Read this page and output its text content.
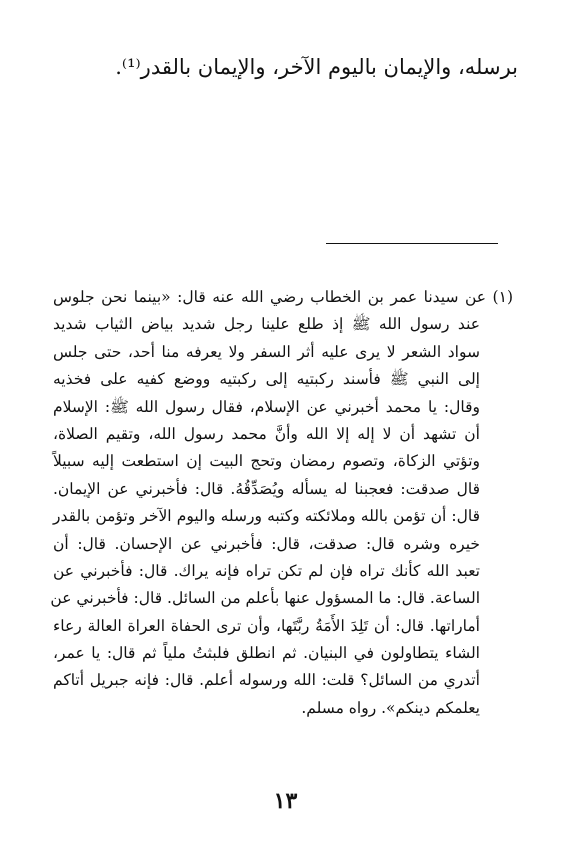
برسله، والإيمان باليوم الآخر، والإيمان بالقدر⁽¹⁾.
(١) عن سيدنا عمر بن الخطاب رضي الله عنه قال: «بينما نحن جلوس
عند رسول الله ﷺ إذ طلع علينا رجل شديد بياض الثياب شديد
سواد الشعر لا يرى عليه أثر السفر ولا يعرفه منا أحد، حتى جلس
إلى النبي ﷺ فأسند ركبتيه إلى ركبتيه ووضع كفيه على فخذيه
وقال: يا محمد أخبرني عن الإسلام، فقال رسول الله ﷺ: الإسلام
أن تشهد أن لا إله إلا الله وأنَّ محمد رسول الله، وتقيم الصلاة،
وتؤتي الزكاة، وتصوم رمضان وتحج البيت إن استطعت إليه سبيلاً
قال صدقت: فعجبنا له يسأله ويُصَدِّقُهُ. قال: فأخبرني عن الإيمان.
قال: أن تؤمن بالله وملائكته وكتبه ورسله واليوم الآخر وتؤمن بالقدر
خيره وشره قال: صدقت، قال: فأخبرني عن الإحسان. قال: أن
تعبد الله كأنك تراه فإن لم تكن تراه فإنه يراك. قال: فأخبرني عن
الساعة. قال: ما المسؤول عنها بأعلم من السائل. قال: فأخبرني عن
أماراتها. قال: أن تَلِدَ الأَمَةُ ربَّتَها، وأن ترى الحفاة العراة العالة رعاء
الشاء يتطاولون في البنيان. ثم انطلق فلبثتُ ملياً ثم قال: يا عمر،
أتدري من السائل؟ قلت: الله ورسوله أعلم. قال: فإنه جبريل أتاكم
يعلمكم دينكم». رواه مسلم.
١٣
